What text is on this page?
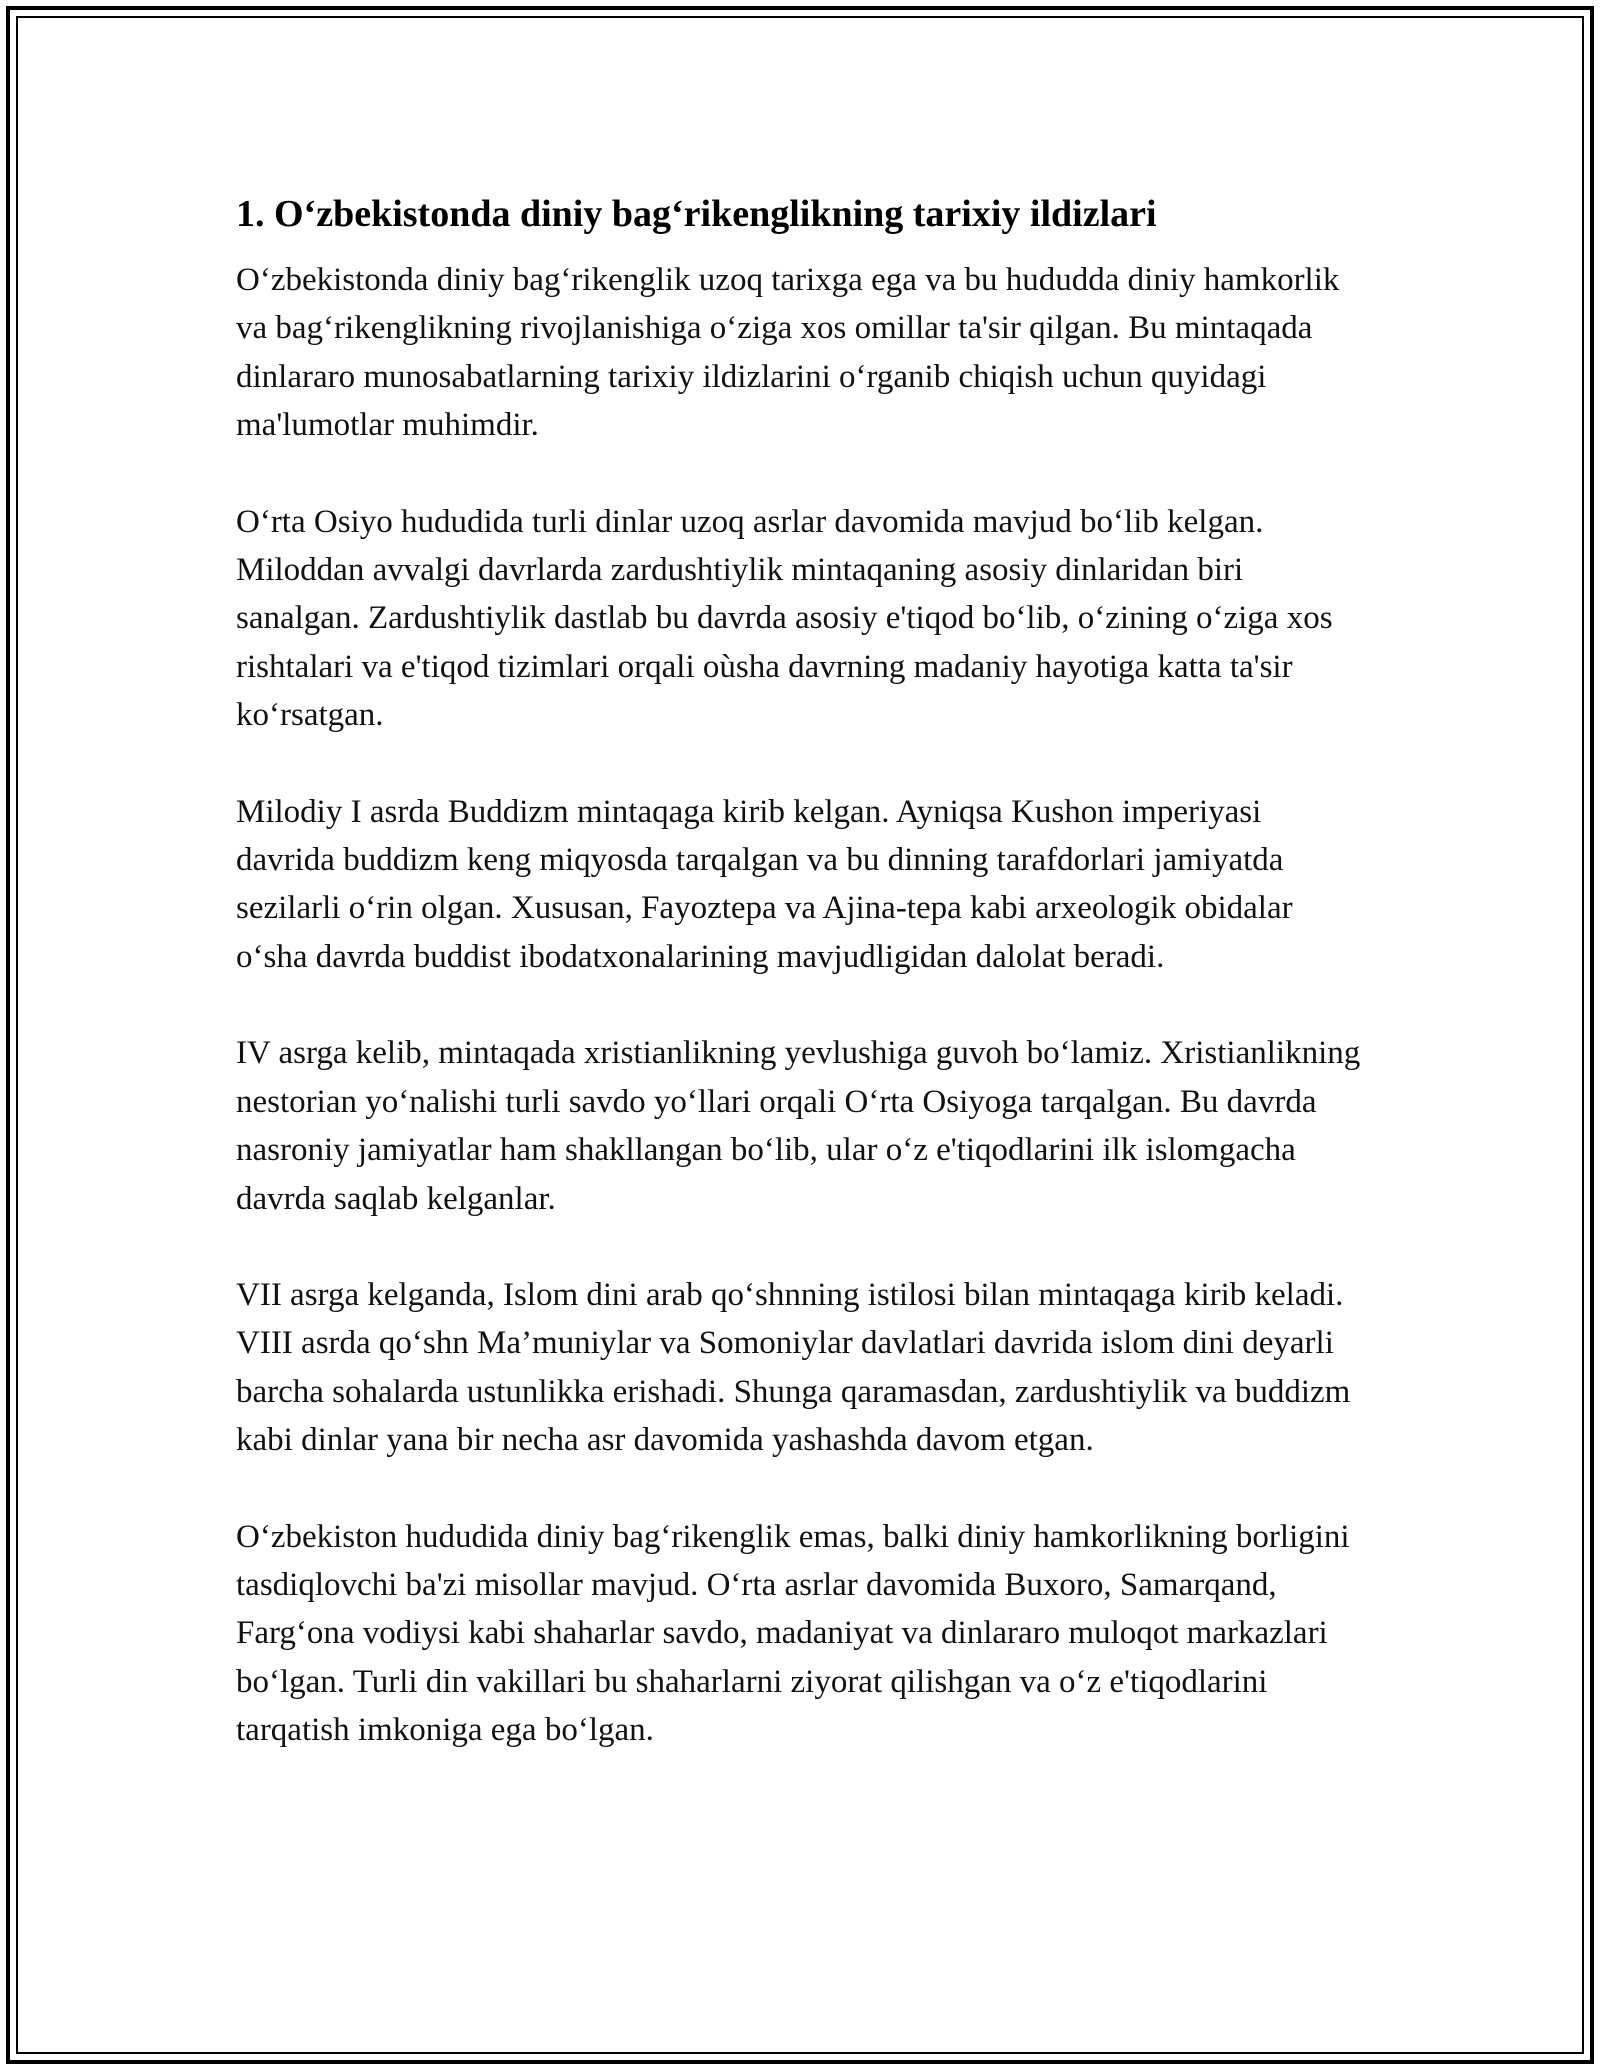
1. O‘zbekistonda diniy bag‘rikenglikning tarixiy ildizlari

O‘zbekistonda diniy bag‘rikenglik uzoq tarixga ega va bu hududda diniy hamkorlik va bag‘rikenglikning rivojlanishiga o‘ziga xos omillar ta'sir qilgan. Bu mintaqada dinlararo munosabatlarning tarixiy ildizlarini o‘rganib chiqish uchun quyidagi ma'lumotlar muhimdir.

O‘rta Osiyo hududida turli dinlar uzoq asrlar davomida mavjud bo‘lib kelgan. Miloddan avvalgi davrlarda zardushtiylik mintaqaning asosiy dinlaridan biri sanalgan. Zardushtiylik dastlab bu davrda asosiy e'tiqod bo‘lib, o‘zining o‘ziga xos rishtalari va e'tiqod tizimlari orqali oùsha davrning madaniy hayotiga katta ta'sir ko‘rsatgan.

Milodiy I asrda Buddizm mintaqaga kirib kelgan. Ayniqsa Kushon imperiyasi davrida buddizm keng miqyosda tarqalgan va bu dinning tarafdorlari jamiyatda sezilarli o‘rin olgan. Xususan, Fayoztepa va Ajina-tepa kabi arxeologik obidalar o‘sha davrda buddist ibodatxonalarining mavjudligidan dalolat beradi.

IV asrga kelib, mintaqada xristianlikning yevlushiga guvoh bo‘lamiz. Xristianlikning nestorian yo‘nalishi turli savdo yo‘llari orqali O‘rta Osiyoga tarqalgan. Bu davrda nasroniy jamiyatlar ham shakllangan bo‘lib, ular o‘z e'tiqodlarini ilk islomgacha davrda saqlab kelganlar.

VII asrga kelganda, Islom dini arab qo‘shnning istilosi bilan mintaqaga kirib keladi. VIII asrda qo‘shn Ma’muniylar va Somoniylar davlatlari davrida islom dini deyarli barcha sohalarda ustunlikka erishadi. Shunga qaramasdan, zardushtiylik va buddizm kabi dinlar yana bir necha asr davomida yashashda davom etgan.

O‘zbekiston hududida diniy bag‘rikenglik emas, balki diniy hamkorlikning borligini tasdiqlovchi ba'zi misollar mavjud. O‘rta asrlar davomida Buxoro, Samarqand, Farg‘ona vodiysi kabi shaharlar savdo, madaniyat va dinlararo muloqot markazlari bo‘lgan. Turli din vakillari bu shaharlarni ziyorat qilishgan va o‘z e'tiqodlarini tarqatish imkoniga ega bo‘lgan.
